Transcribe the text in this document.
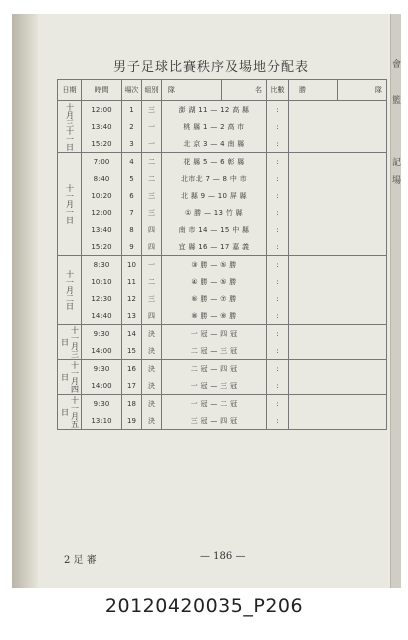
會
籃
記
場
男子足球比賽秩序及場地分配表
日期	時間	場次	組別	隊	名	比數	勝	隊
十月三十一日	12:00	1	三	澎 湖 11 — 12 高 縣		:		
	13:40	2	一	桃 縣 1 — 2 高 市		:		
	15:20	3	一	北 京 3 — 4 南 縣		:		
十一月一日	7:00	4	二	花 縣 5 — 6 彰 縣		:		
	8:40	5	二	北市北 7 — 8 中 市		:		
	10:20	6	三	北 縣 9 — 10 屏 縣		:		
	12:00	7	三	① 勝 — 13 竹 縣		:		
	13:40	8	四	南 市 14 — 15 中 縣		:		
	15:20	9	四	宜 縣 16 — 17 嘉 義		:		
十一月二日	8:30	10	一	③ 勝 — ⑤ 勝		:		
	10:10	11	二	④ 勝 — ⑤ 勝		:		
	12:30	12	三	⑥ 勝 — ⑦ 勝		:		
	14:40	13	四	⑧ 勝 — ⑨ 勝		:		
十一月三日	9:30	14	決	一 冠 — 四 冠		:		
	14:00	15	決	二 冠 — 三 冠		:		
十一月四日	9:30	16	決	二 冠 — 四 冠		:		
	14:00	17	決	一 冠 — 三 冠		:		
十一月五日	9:30	18	決	一 冠 — 二 冠		:		
	13:10	19	決	三 冠 — 四 冠		:		
2 足 審	— 186 —
20120420035_P206
